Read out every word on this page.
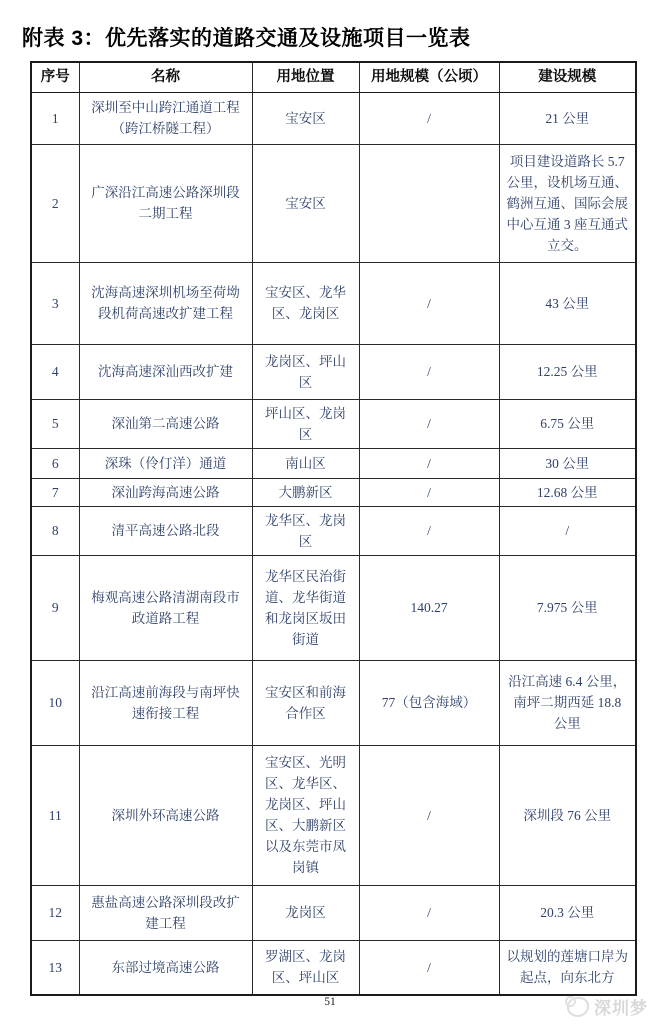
附表 3：优先落实的道路交通及设施项目一览表
序号	名称	用地位置	用地规模（公顷）	建设规模
1	深圳至中山跨江通道工程（跨江桥隧工程）	宝安区	/	21 公里
2	广深沿江高速公路深圳段二期工程	宝安区		项目建设道路长 5.7 公里，设机场互通、鹤洲互通、国际会展中心互通 3 座互通式立交。
3	沈海高速深圳机场至荷坳段机荷高速改扩建工程	宝安区、龙华区、龙岗区	/	43 公里
4	沈海高速深汕西改扩建	龙岗区、坪山区	/	12.25 公里
5	深汕第二高速公路	坪山区、龙岗区	/	6.75 公里
6	深珠（伶仃洋）通道	南山区	/	30 公里
7	深汕跨海高速公路	大鹏新区	/	12.68 公里
8	清平高速公路北段	龙华区、龙岗区	/	/
9	梅观高速公路清湖南段市政道路工程	龙华区民治街道、龙华街道和龙岗区坂田街道	140.27	7.975 公里
10	沿江高速前海段与南坪快速衔接工程	宝安区和前海合作区	77（包含海域）	沿江高速 6.4 公里，南坪二期西延 18.8 公里
11	深圳外环高速公路	宝安区、光明区、龙华区、龙岗区、坪山区、大鹏新区以及东莞市凤岗镇	/	深圳段 76 公里
12	惠盐高速公路深圳段改扩建工程	龙岗区	/	20.3 公里
13	东部过境高速公路	罗湖区、龙岗区、坪山区	/	以规划的莲塘口岸为起点，向东北方
51	深圳梦
